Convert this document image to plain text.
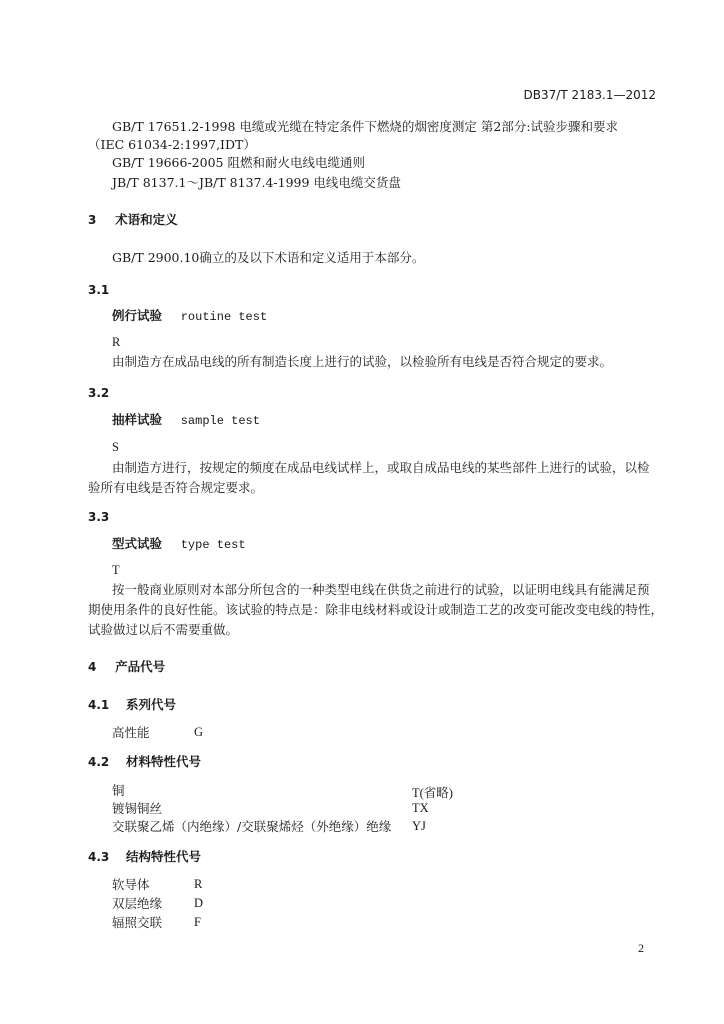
DB37/T 2183.1—2012
GB/T 17651.2-1998 电缆或光缆在特定条件下燃烧的烟密度测定 第2部分:试验步骤和要求
（IEC 61034-2:1997,IDT）
GB/T 19666-2005 阻燃和耐火电线电缆通则
JB/T 8137.1～JB/T 8137.4-1999 电线电缆交货盘
3 术语和定义
GB/T 2900.10确立的及以下术语和定义适用于本部分。
3.1
例行试验 routine test
R
由制造方在成品电线的所有制造长度上进行的试验，以检验所有电线是否符合规定的要求。
3.2
抽样试验 sample test
S
由制造方进行，按规定的频度在成品电线试样上，或取自成品电线的某些部件上进行的试验，以检
验所有电线是否符合规定要求。
3.3
型式试验 type test
T
按一般商业原则对本部分所包含的一种类型电线在供货之前进行的试验，以证明电线具有能满足预
期使用条件的良好性能。该试验的特点是：除非电线材料或设计或制造工艺的改变可能改变电线的特性，
试验做过以后不需要重做。
4 产品代号
4.1 系列代号
高性能	G
4.2 材料特性代号
铜	T(省略)
镀锡铜丝	TX
交联聚乙烯（内绝缘）/交联聚烯烃（外绝缘）绝缘 YJ
4.3 结构特性代号
软导体	R
双层绝缘	D
辐照交联	F
2
